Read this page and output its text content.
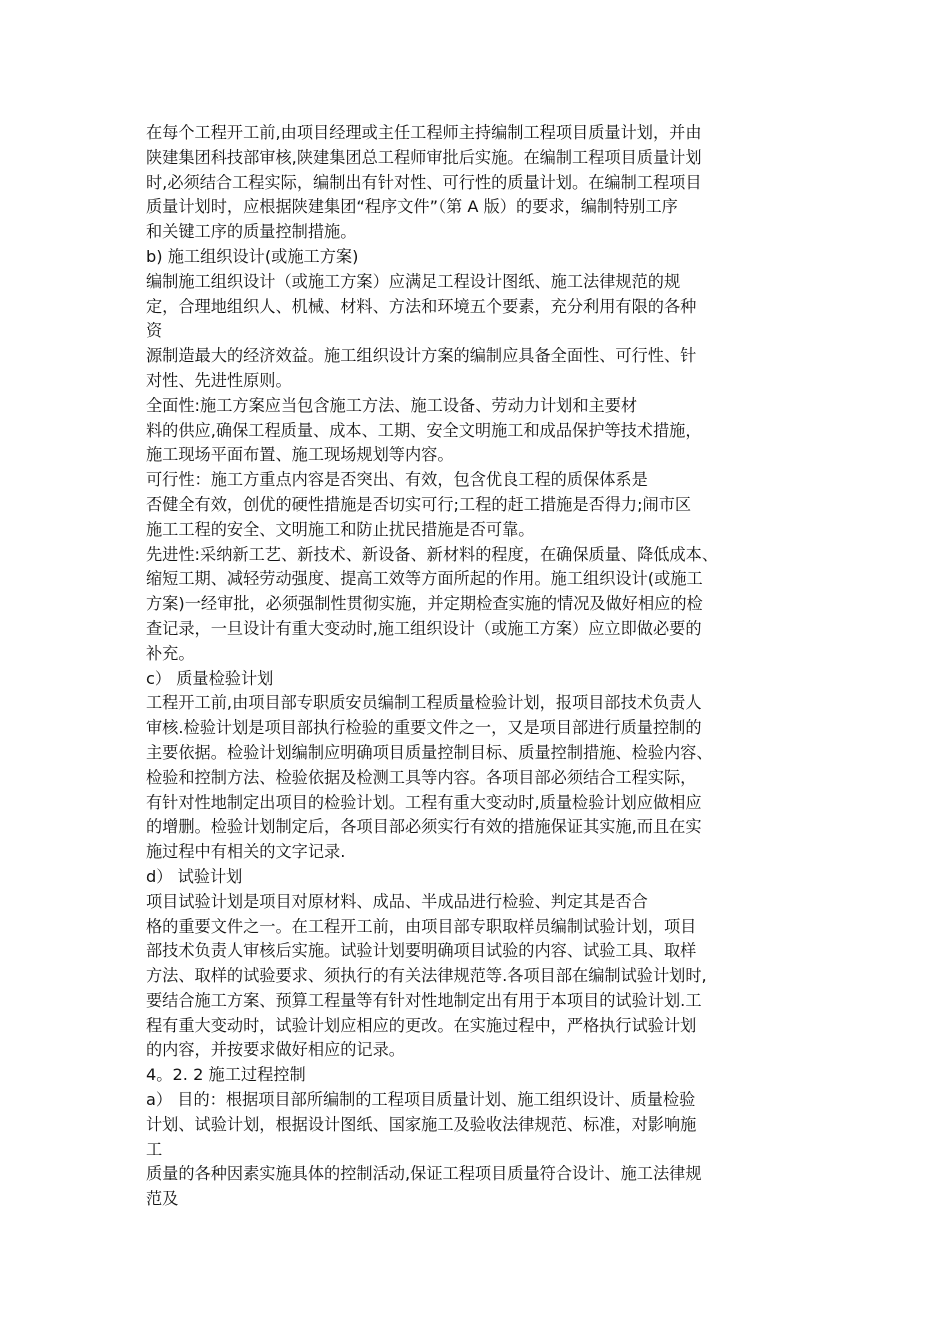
在每个工程开工前,由项目经理或主任工程师主持编制工程项目质量计划，并由
陕建集团科技部审核,陕建集团总工程师审批后实施。在编制工程项目质量计划
时,必须结合工程实际，编制出有针对性、可行性的质量计划。在编制工程项目
质量计划时，应根据陕建集团“程序文件”（第 A 版）的要求，编制特别工序
和关键工序的质量控制措施。
b) 施工组织设计(或施工方案)
编制施工组织设计（或施工方案）应满足工程设计图纸、施工法律规范的规
定，合理地组织人、机械、材料、方法和环境五个要素，充分利用有限的各种
资
源制造最大的经济效益。施工组织设计方案的编制应具备全面性、可行性、针
对性、先进性原则。
全面性:施工方案应当包含施工方法、施工设备、劳动力计划和主要材
料的供应,确保工程质量、成本、工期、安全文明施工和成品保护等技术措施，
施工现场平面布置、施工现场规划等内容。
可行性：施工方重点内容是否突出、有效，包含优良工程的质保体系是
否健全有效，创优的硬性措施是否切实可行;工程的赶工措施是否得力;闹市区
施工工程的安全、文明施工和防止扰民措施是否可靠。
先进性:采纳新工艺、新技术、新设备、新材料的程度，在确保质量、降低成本、
缩短工期、减轻劳动强度、提高工效等方面所起的作用。施工组织设计(或施工
方案)一经审批，必须强制性贯彻实施，并定期检查实施的情况及做好相应的检
查记录，一旦设计有重大变动时,施工组织设计（或施工方案）应立即做必要的
补充。
c） 质量检验计划
工程开工前,由项目部专职质安员编制工程质量检验计划，报项目部技术负责人
审核.检验计划是项目部执行检验的重要文件之一，又是项目部进行质量控制的
主要依据。检验计划编制应明确项目质量控制目标、质量控制措施、检验内容、
检验和控制方法、检验依据及检测工具等内容。各项目部必须结合工程实际，
有针对性地制定出项目的检验计划。工程有重大变动时,质量检验计划应做相应
的增删。检验计划制定后，各项目部必须实行有效的措施保证其实施,而且在实
施过程中有相关的文字记录.
d） 试验计划
项目试验计划是项目对原材料、成品、半成品进行检验、判定其是否合
格的重要文件之一。在工程开工前，由项目部专职取样员编制试验计划，项目
部技术负责人审核后实施。试验计划要明确项目试验的内容、试验工具、取样
方法、取样的试验要求、须执行的有关法律规范等.各项目部在编制试验计划时,
要结合施工方案、预算工程量等有针对性地制定出有用于本项目的试验计划.工
程有重大变动时，试验计划应相应的更改。在实施过程中，严格执行试验计划
的内容，并按要求做好相应的记录。
4。2. 2 施工过程控制
a） 目的：根据项目部所编制的工程项目质量计划、施工组织设计、质量检验
计划、试验计划，根据设计图纸、国家施工及验收法律规范、标准，对影响施
工
质量的各种因素实施具体的控制活动,保证工程项目质量符合设计、施工法律规
范及
